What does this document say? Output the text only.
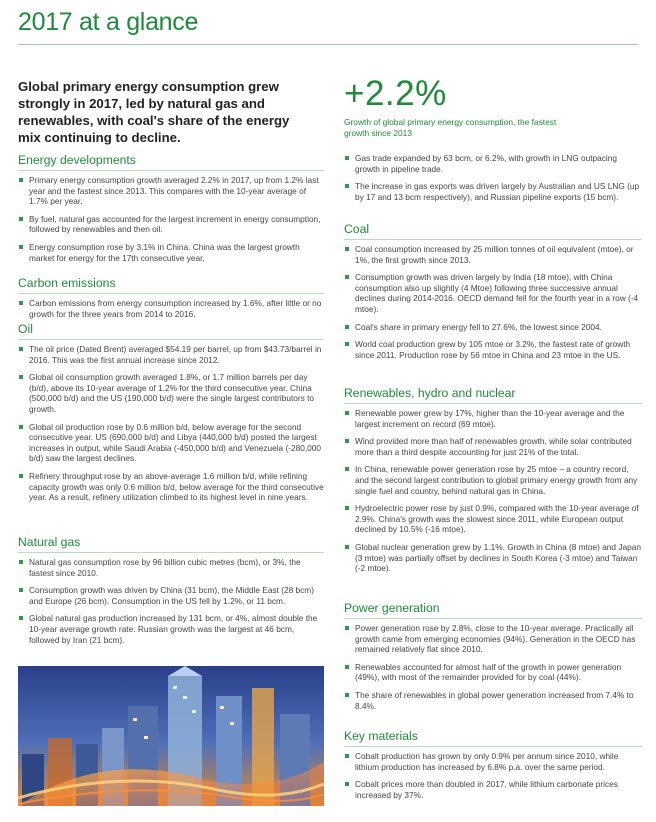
2017 at a glance
Global primary energy consumption grew strongly in 2017, led by natural gas and renewables, with coal's share of the energy mix continuing to decline.
+2.2%
Growth of global primary energy consumption, the fastest growth since 2013
Energy developments
Primary energy consumption growth averaged 2.2% in 2017, up from 1.2% last year and the fastest since 2013. This compares with the 10-year average of 1.7% per year.
By fuel, natural gas accounted for the largest increment in energy consumption, followed by renewables and then oil.
Energy consumption rose by 3.1% in China. China was the largest growth market for energy for the 17th consecutive year.
Carbon emissions
Carbon emissions from energy consumption increased by 1.6%, after little or no growth for the three years from 2014 to 2016.
Oil
The oil price (Dated Brent) averaged $54.19 per barrel, up from $43.73/barrel in 2016. This was the first annual increase since 2012.
Global oil consumption growth averaged 1.8%, or 1.7 million barrels per day (b/d), above its 10-year average of 1.2% for the third consecutive year. China (500,000 b/d) and the US (190,000 b/d) were the single largest contributors to growth.
Global oil production rose by 0.6 million b/d, below average for the second consecutive year. US (690,000 b/d) and Libya (440,000 b/d) posted the largest increases in output, while Saudi Arabia (-450,000 b/d) and Venezuela (-280,000 b/d) saw the largest declines.
Refinery throughput rose by an above-average 1.6 million b/d, while refining capacity growth was only 0.6 million b/d, below average for the third consecutive year. As a result, refinery utilization climbed to its highest level in nine years.
Natural gas
Natural gas consumption rose by 96 billion cubic metres (bcm), or 3%, the fastest since 2010.
Consumption growth was driven by China (31 bcm), the Middle East (28 bcm) and Europe (26 bcm). Consumption in the US fell by 1.2%, or 11 bcm.
Global natural gas production increased by 131 bcm, or 4%, almost double the 10-year average growth rate. Russian growth was the largest at 46 bcm, followed by Iran (21 bcm).
Gas trade expanded by 63 bcm, or 6.2%, with growth in LNG outpacing growth in pipeline trade.
The increase in gas exports was driven largely by Australian and US LNG (up by 17 and 13 bcm respectively), and Russian pipeline exports (15 bcm).
Coal
Coal consumption increased by 25 million tonnes of oil equivalent (mtoe), or 1%, the first growth since 2013.
Consumption growth was driven largely by India (18 mtoe), with China consumption also up slightly (4 Mtoe) following three successive annual declines during 2014-2016. OECD demand fell for the fourth year in a row (-4 mtoe).
Coal's share in primary energy fell to 27.6%, the lowest since 2004.
World coal production grew by 105 mtoe or 3.2%, the fastest rate of growth since 2011. Production rose by 56 mtoe in China and 23 mtoe in the US.
Renewables, hydro and nuclear
Renewable power grew by 17%, higher than the 10-year average and the largest increment on record (69 mtoe).
Wind provided more than half of renewables growth, while solar contributed more than a third despite accounting for just 21% of the total.
In China, renewable power generation rose by 25 mtoe – a country record, and the second largest contribution to global primary energy growth from any single fuel and country, behind natural gas in China.
Hydroelectric power rose by just 0.9%, compared with the 10-year average of 2.9%. China's growth was the slowest since 2011, while European output declined by 10.5% (-16 mtoe).
Global nuclear generation grew by 1.1%. Growth in China (8 mtoe) and Japan (3 mtoe) was partially offset by declines in South Korea (-3 mtoe) and Taiwan (-2 mtoe).
Power generation
Power generation rose by 2.8%, close to the 10-year average. Practically all growth came from emerging economies (94%). Generation in the OECD has remained relatively flat since 2010.
Renewables accounted for almost half of the growth in power generation (49%), with most of the remainder provided for by coal (44%).
The share of renewables in global power generation increased from 7.4% to 8.4%.
Key materials
Cobalt production has grown by only 0.9% per annum since 2010, while lithium production has increased by 6.8% p.a. over the same period.
Cobalt prices more than doubled in 2017, while lithium carbonate prices increased by 37%.
